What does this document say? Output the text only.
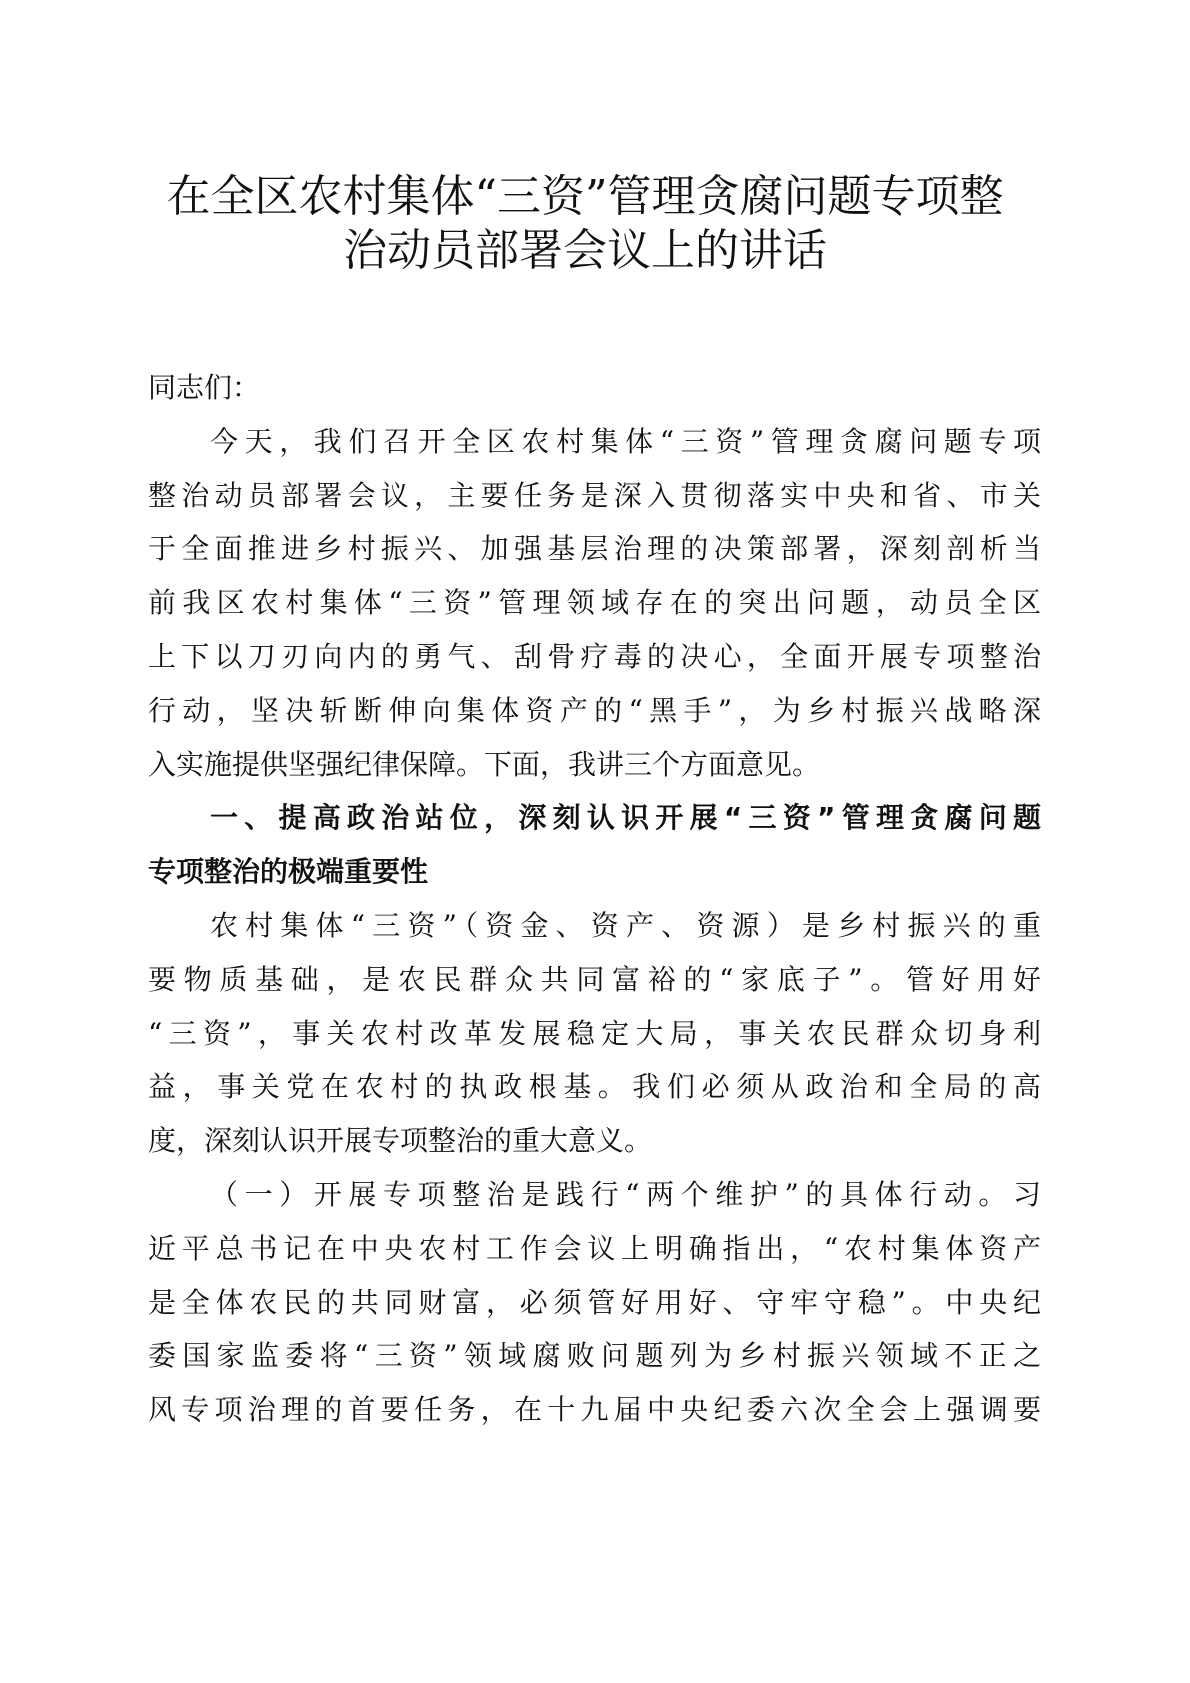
在全区农村集体“三资”管理贪腐问题专项整
治动员部署会议上的讲话

同志们：

今天，我们召开全区农村集体“三资”管理贪腐问题专项
整治动员部署会议，主要任务是深入贯彻落实中央和省、市关
于全面推进乡村振兴、加强基层治理的决策部署，深刻剖析当
前我区农村集体“三资”管理领域存在的突出问题，动员全区
上下以刀刃向内的勇气、刮骨疗毒的决心，全面开展专项整治
行动，坚决斩断伸向集体资产的“黑手”，为乡村振兴战略深
入实施提供坚强纪律保障。下面，我讲三个方面意见。

一、提高政治站位，深刻认识开展“三资”管理贪腐问题
专项整治的极端重要性

农村集体“三资”（资金、资产、资源）是乡村振兴的重
要物质基础，是农民群众共同富裕的“家底子”。管好用好
“三资”，事关农村改革发展稳定大局，事关农民群众切身利
益，事关党在农村的执政根基。我们必须从政治和全局的高
度，深刻认识开展专项整治的重大意义。

（一）开展专项整治是践行“两个维护”的具体行动。习
近平总书记在中央农村工作会议上明确指出，“农村集体资产
是全体农民的共同财富，必须管好用好、守牢守稳”。中央纪
委国家监委将“三资”领域腐败问题列为乡村振兴领域不正之
风专项治理的首要任务，在十九届中央纪委六次全会上强调要
